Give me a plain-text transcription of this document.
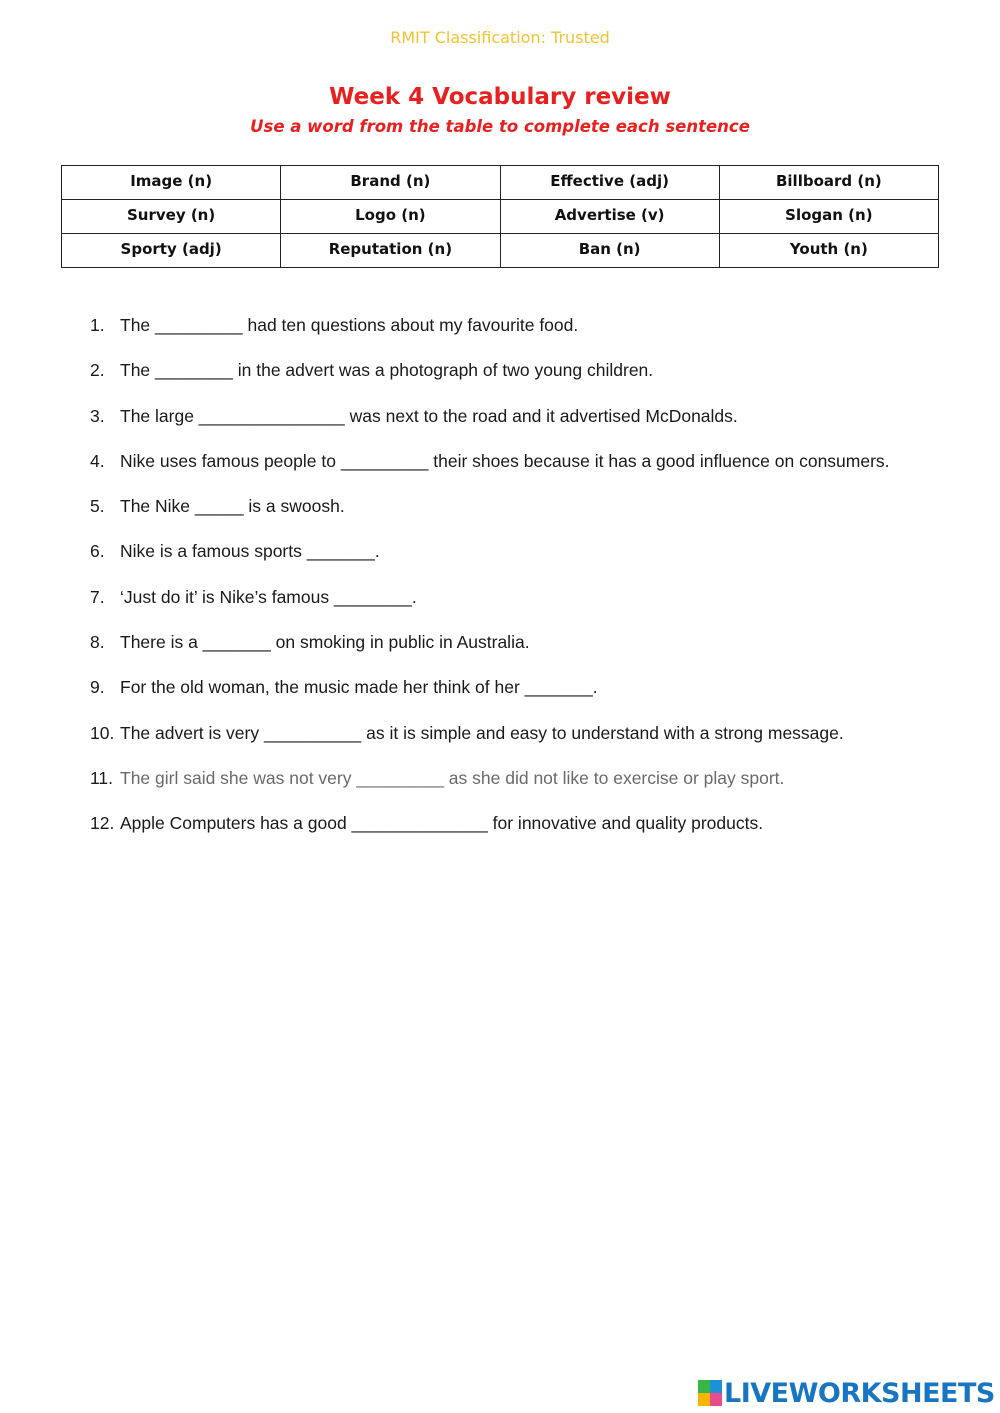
RMIT Classification: Trusted
Week 4 Vocabulary review
Use a word from the table to complete each sentence
Image (n)	Brand (n)	Effective (adj)	Billboard (n)
Survey (n)	Logo (n)	Advertise (v)	Slogan (n)
Sporty (adj)	Reputation (n)	Ban (n)	Youth (n)
1. The _________ had ten questions about my favourite food.
2. The ________ in the advert was a photograph of two young children.
3. The large _______________ was next to the road and it advertised McDonalds.
4. Nike uses famous people to _________ their shoes because it has a good influence on consumers.
5. The Nike _____ is a swoosh.
6. Nike is a famous sports _______.
7. ‘Just do it’ is Nike’s famous ________.
8. There is a _______ on smoking in public in Australia.
9. For the old woman, the music made her think of her _______.
10. The advert is very __________ as it is simple and easy to understand with a strong message.
11. The girl said she was not very _________ as she did not like to exercise or play sport.
12. Apple Computers has a good ______________ for innovative and quality products.
LIVEWORKSHEETS
